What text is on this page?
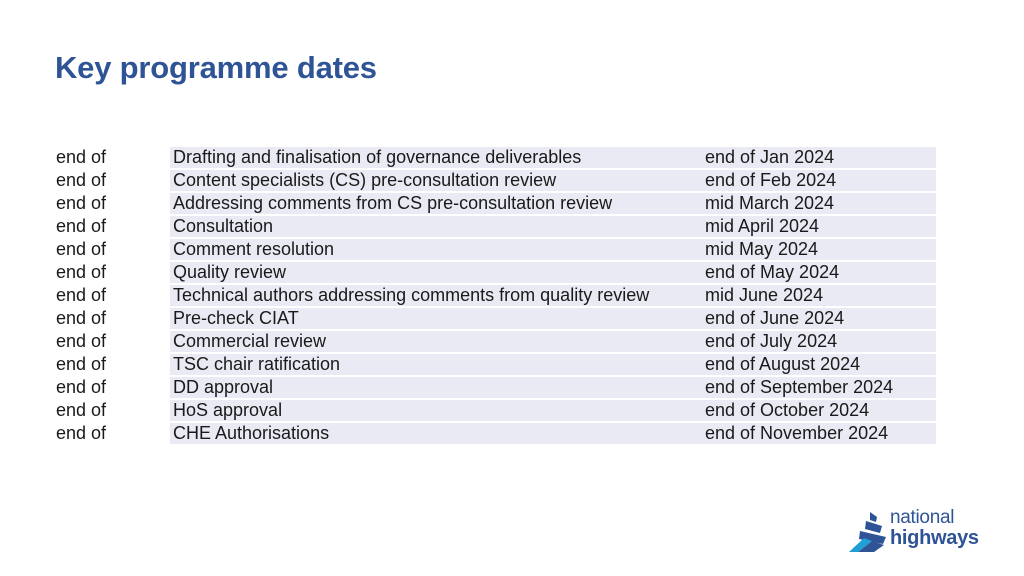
Key programme dates
end of	Drafting and finalisation of governance deliverables	end of Jan 2024
end of	Content specialists (CS) pre-consultation review	end of Feb 2024
end of	Addressing comments from CS pre-consultation review	mid March 2024
end of	Consultation	mid April 2024
end of	Comment resolution	mid May 2024
end of	Quality review	end of May 2024
end of	Technical authors addressing comments from quality review	mid June 2024
end of	Pre-check CIAT	end of June 2024
end of	Commercial review	end of July 2024
end of	TSC chair ratification	end of August 2024
end of	DD approval	end of September 2024
end of	HoS approval	end of October 2024
end of	CHE Authorisations	end of November 2024
national
highways
